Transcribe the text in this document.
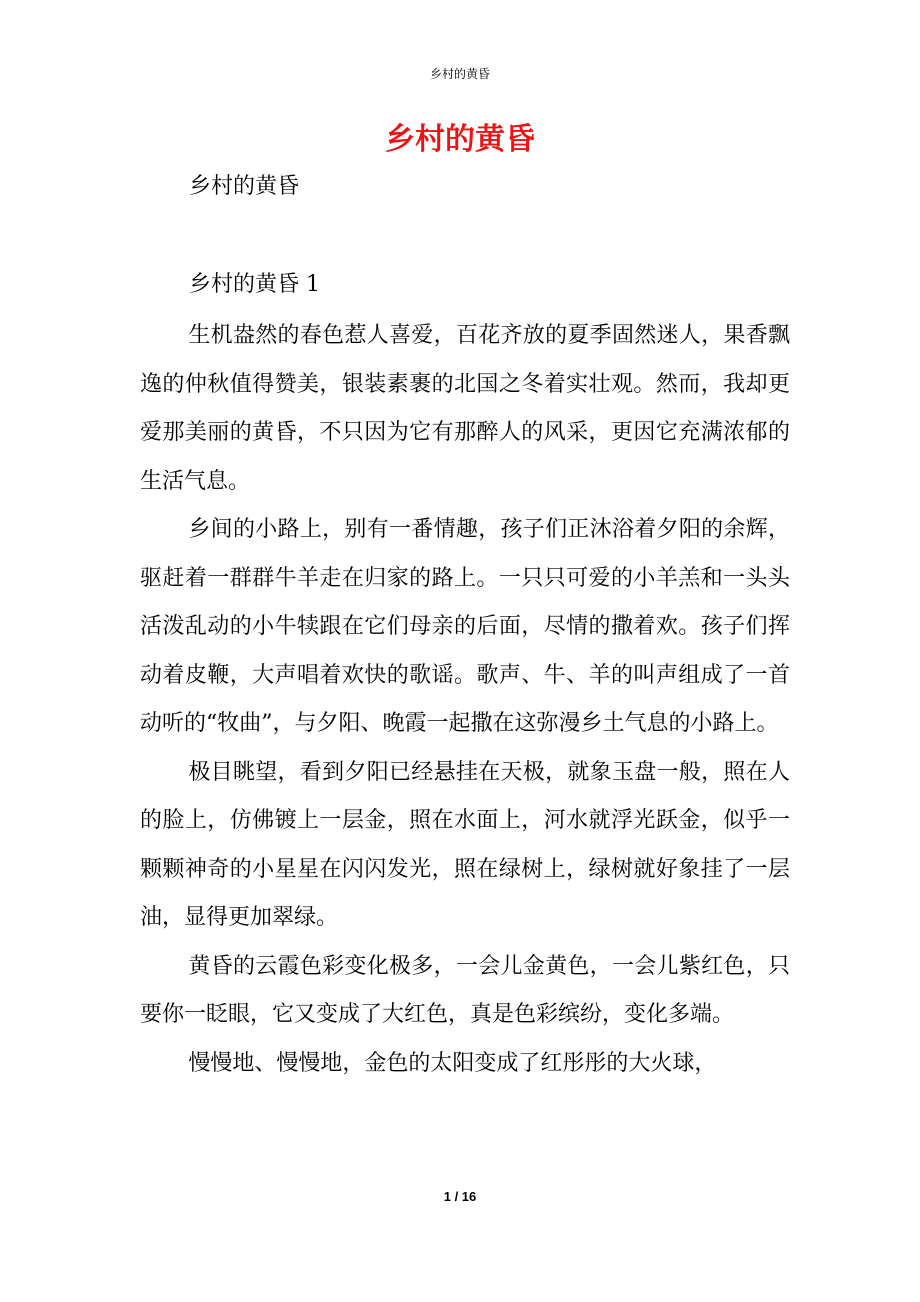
乡村的黄昏
乡村的黄昏
乡村的黄昏
乡村的黄昏 1

生机盎然的春色惹人喜爱，百花齐放的夏季固然迷人，果香飘逸的仲秋值得赞美，银装素裹的北国之冬着实壮观。然而，我却更爱那美丽的黄昏，不只因为它有那醉人的风采，更因它充满浓郁的生活气息。

乡间的小路上，别有一番情趣，孩子们正沐浴着夕阳的余辉，驱赶着一群群牛羊走在归家的路上。一只只可爱的小羊羔和一头头活泼乱动的小牛犊跟在它们母亲的后面，尽情的撒着欢。孩子们挥动着皮鞭，大声唱着欢快的歌谣。歌声、牛、羊的叫声组成了一首动听的“牧曲”，与夕阳、晚霞一起撒在这弥漫乡土气息的小路上。

极目眺望，看到夕阳已经悬挂在天极，就象玉盘一般，照在人的脸上，仿佛镀上一层金，照在水面上，河水就浮光跃金，似乎一颗颗神奇的小星星在闪闪发光，照在绿树上，绿树就好象挂了一层油，显得更加翠绿。

黄昏的云霞色彩变化极多，一会儿金黄色，一会儿紫红色，只要你一眨眼，它又变成了大红色，真是色彩缤纷，变化多端。

慢慢地、慢慢地，金色的太阳变成了红彤彤的大火球，

1 / 16
